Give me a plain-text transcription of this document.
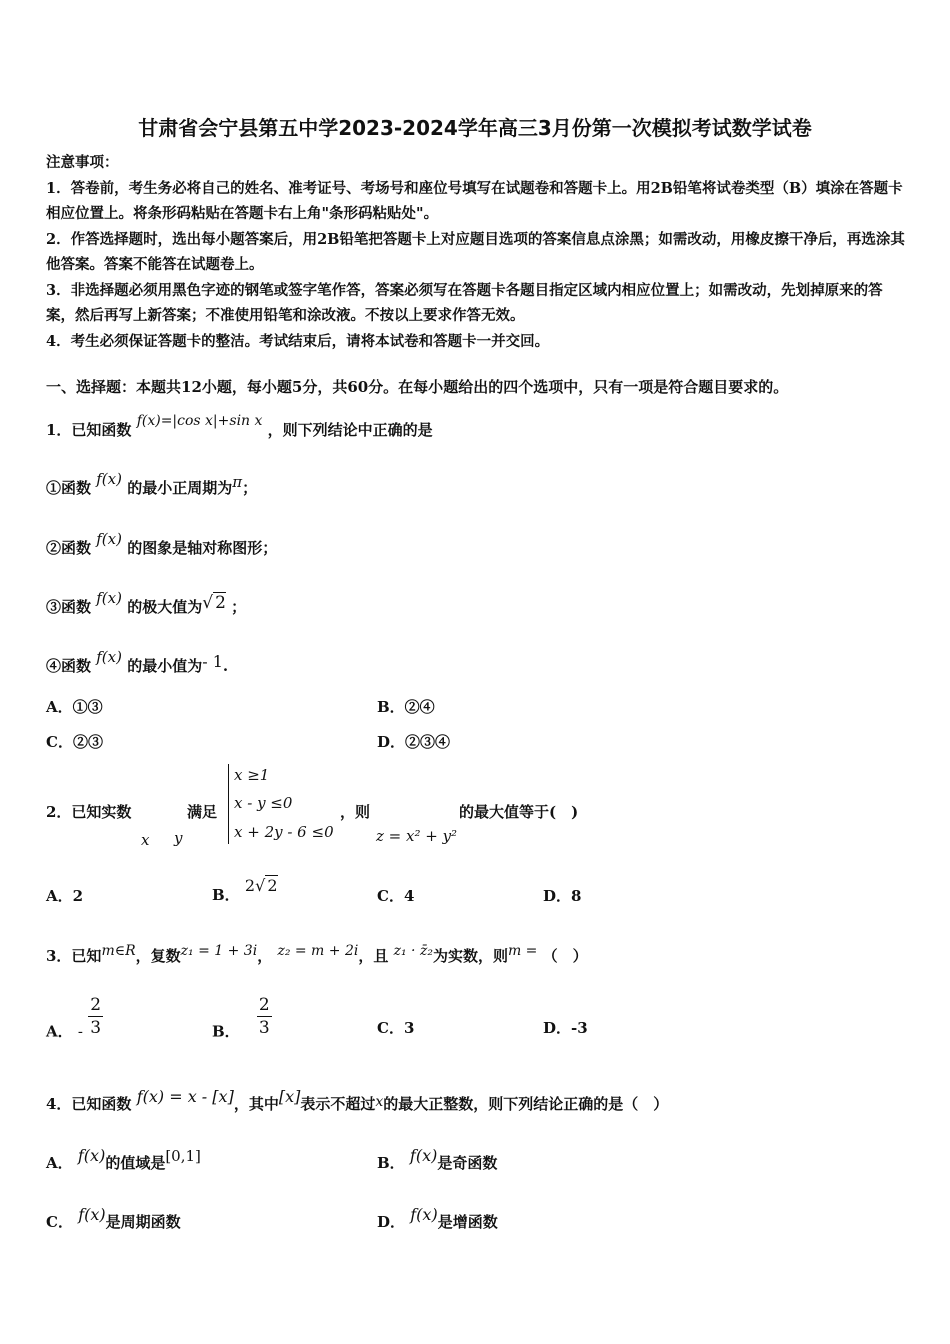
甘肃省会宁县第五中学2023-2024学年高三3月份第一次模拟考试数学试卷

注意事项：

1．答卷前，考生务必将自己的姓名、准考证号、考场号和座位号填写在试题卷和答题卡上。用2B铅笔将试卷类型（B）填涂在答题卡相应位置上。将条形码粘贴在答题卡右上角"条形码粘贴处"。

2．作答选择题时，选出每小题答案后，用2B铅笔把答题卡上对应题目选项的答案信息点涂黑；如需改动，用橡皮擦干净后，再选涂其他答案。答案不能答在试题卷上。

3．非选择题必须用黑色字迹的钢笔或签字笔作答，答案必须写在答题卡各题目指定区域内相应位置上；如需改动，先划掉原来的答案，然后再写上新答案；不准使用铅笔和涂改液。不按以上要求作答无效。

4．考生必须保证答题卡的整洁。考试结束后，请将本试卷和答题卡一并交回。

一、选择题：本题共12小题，每小题5分，共60分。在每小题给出的四个选项中，只有一项是符合题目要求的。
1．已知函数 f(x)=|cos x|+sin x ，则下列结论中正确的是
①函数 f(x) 的最小正周期为π；
②函数 f(x) 的图象是轴对称图形；
③函数 f(x) 的极大值为√ 2 ；
④函数 f(x) 的最小值为- 1.
A．①③	B．②④
C．②③	D．②③④
2．已知实数
x y
满足
x ≥1
x - y ≤0
x + 2y - 6 ≤0
，则
z = x² + y²
的最大值等于(　)
A．2	B． 2√ 2
C．4	D．8
3．已知m∈R，复数z₁ = 1 + 3i， z₂ = m + 2i，且 z₁ · z̄₂为实数，则m = （　）
A． - $\frac{2}{3}$	B． $\frac{2}{3}$	C．3	D．-3
4．已知函数 f(x) = x - [x]，其中[x]表示不超过x的最大正整数，则下列结论正确的是（　）
A． f(x)的值域是[0,1]	B． f(x)是奇函数
C． f(x)是周期函数	D． f(x)是增函数
